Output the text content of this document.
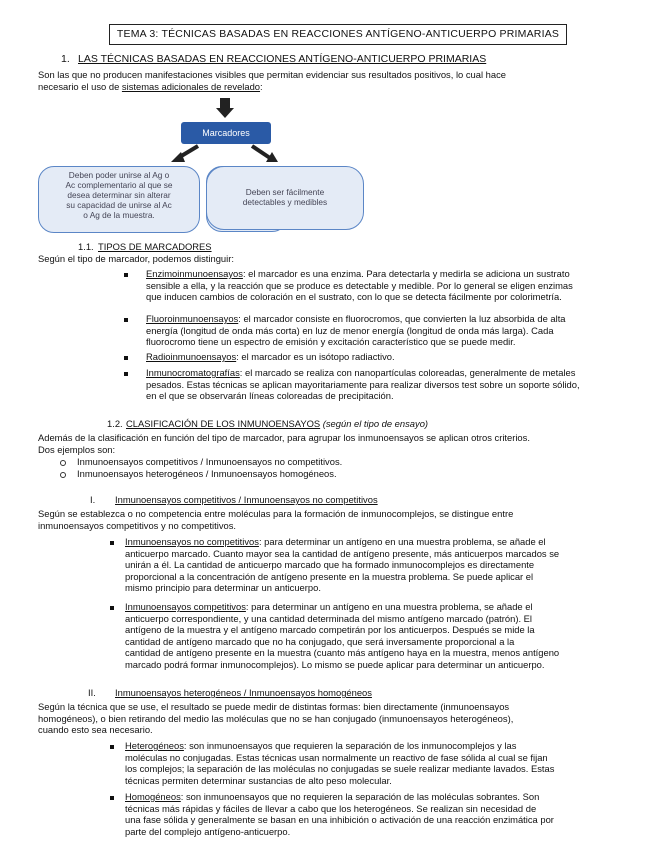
TEMA 3: TÉCNICAS BASADAS EN REACCIONES ANTÍGENO-ANTICUERPO PRIMARIAS
1. LAS TÉCNICAS BASADAS EN REACCIONES ANTÍGENO-ANTICUERPO PRIMARIAS
Son las que no producen manifestaciones visibles que permitan evidenciar sus resultados positivos, lo cual hace
necesario el uso de sistemas adicionales de revelado:
Marcadores
Deben poder unirse al Ag o
Ac complementario al que se
desea determinar sin alterar
su capacidad de unirse al Ac
o Ag de la muestra.
Deben ser fácilmente
detectables y medibles
1.1. TIPOS DE MARCADORES
Según el tipo de marcador, podemos distinguir:
Enzimoinmunoensayos: el marcador es una enzima. Para detectarla y medirla se adiciona un sustrato
sensible a ella, y la reacción que se produce es detectable y medible. Por lo general se eligen enzimas
que inducen cambios de coloración en el sustrato, con lo que se detecta fácilmente por colorimetría.
Fluoroinmunoensayos: el marcador consiste en fluorocromos, que convierten la luz absorbida de alta
energía (longitud de onda más corta) en luz de menor energía (longitud de onda más larga). Cada
fluorocromo tiene un espectro de emisión y excitación característico que se puede medir.
Radioinmunoensayos: el marcador es un isótopo radiactivo.
Inmunocromatografías: el marcado se realiza con nanopartículas coloreadas, generalmente de metales
pesados. Estas técnicas se aplican mayoritariamente para realizar diversos test sobre un soporte sólido,
en el que se observarán líneas coloreadas de precipitación.
1.2. CLASIFICACIÓN DE LOS INMUNOENSAYOS (según el tipo de ensayo)
Además de la clasificación en función del tipo de marcador, para agrupar los inmunoensayos se aplican otros criterios.
Dos ejemplos son:
Inmunoensayos competitivos / Inmunoensayos no competitivos.
Inmunoensayos heterogéneos / Inmunoensayos homogéneos.
I. Inmunoensayos competitivos / Inmunoensayos no competitivos
Según se establezca o no competencia entre moléculas para la formación de inmunocomplejos, se distingue entre
inmunoensayos competitivos y no competitivos.
Inmunoensayos no competitivos: para determinar un antígeno en una muestra problema, se añade el
anticuerpo marcado. Cuanto mayor sea la cantidad de antígeno presente, más anticuerpos marcados se
unirán a él. La cantidad de anticuerpo marcado que ha formado inmunocomplejos es directamente
proporcional a la concentración de antígeno presente en la muestra problema. Se puede aplicar el
mismo principio para determinar un anticuerpo.
Inmunoensayos competitivos: para determinar un antígeno en una muestra problema, se añade el
anticuerpo correspondiente, y una cantidad determinada del mismo antígeno marcado (patrón). El
antígeno de la muestra y el antígeno marcado competirán por los anticuerpos. Después se mide la
cantidad de antígeno marcado que no ha conjugado, que será inversamente proporcional a la
cantidad de antígeno presente en la muestra (cuanto más antígeno haya en la muestra, menos antígeno
marcado podrá formar inmunocomplejos). Lo mismo se puede aplicar para determinar un anticuerpo.
II. Inmunoensayos heterogéneos / Inmunoensayos homogéneos
Según la técnica que se use, el resultado se puede medir de distintas formas: bien directamente (inmunoensayos
homogéneos), o bien retirando del medio las moléculas que no se han conjugado (inmunoensayos heterogéneos),
cuando esto sea necesario.
Heterogéneos: son inmunoensayos que requieren la separación de los inmunocomplejos y las
moléculas no conjugadas. Estas técnicas usan normalmente un reactivo de fase sólida al cual se fijan
los complejos; la separación de las moléculas no conjugadas se suele realizar mediante lavados. Estas
técnicas permiten determinar sustancias de alto peso molecular.
Homogéneos: son inmunoensayos que no requieren la separación de las moléculas sobrantes. Son
técnicas más rápidas y fáciles de llevar a cabo que los heterogéneos. Se realizan sin necesidad de
una fase sólida y generalmente se basan en una inhibición o activación de una reacción enzimática por
parte del complejo antígeno-anticuerpo.
